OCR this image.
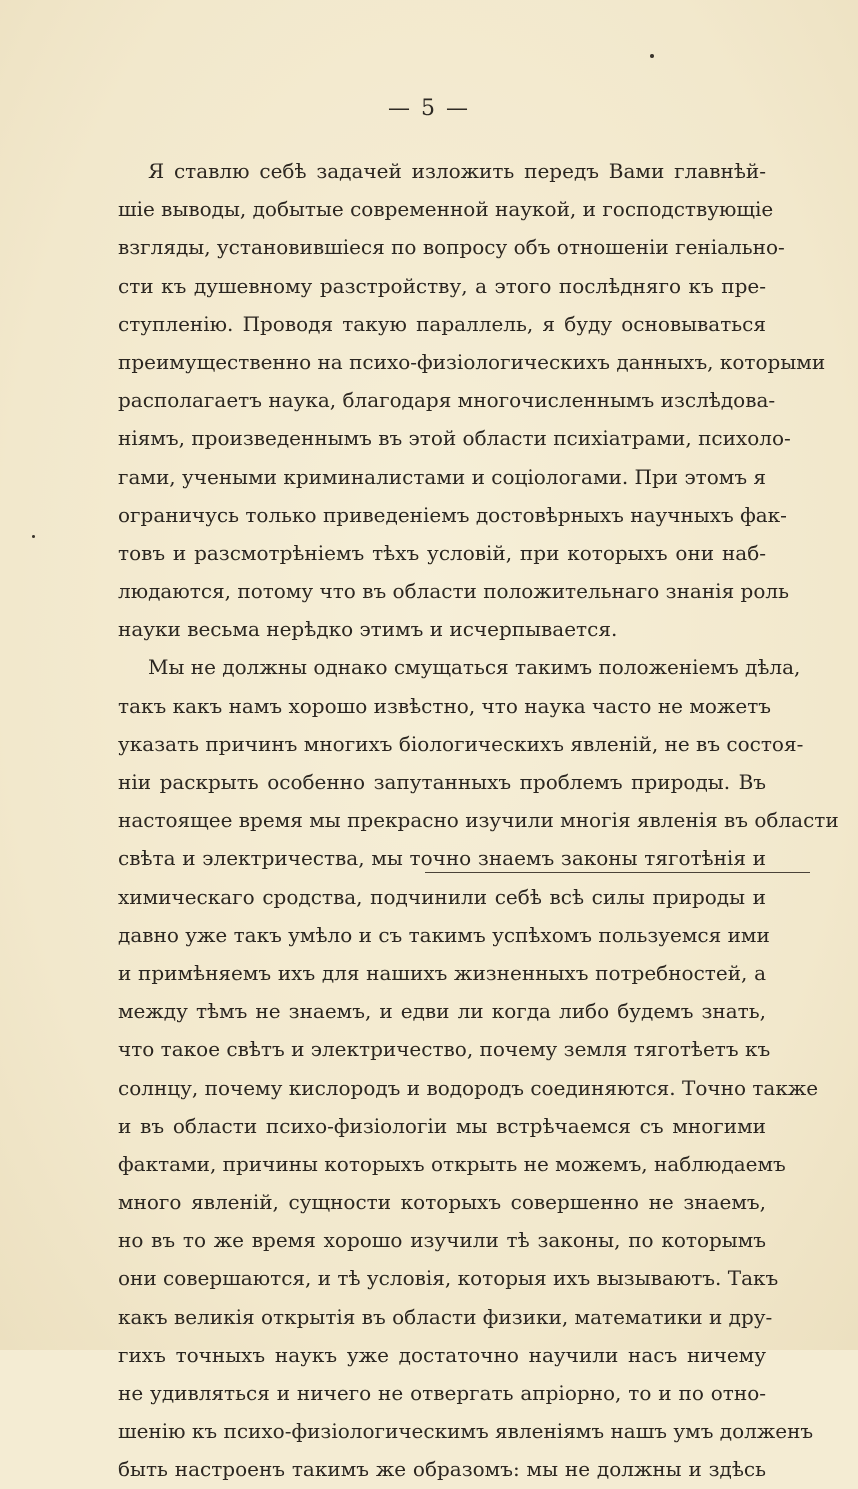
— 5 —
Я ставлю себѣ задачей изложить передъ Вами главнѣй-
шіе выводы, добытые современной наукой, и господствующіе
взгляды, установившіеся по вопросу объ отношеніи геніально-
сти къ душевному разстройству, а этого послѣдняго къ пре-
ступленію. Проводя такую параллель, я буду основываться
преимущественно на психо-физіологическихъ данныхъ, которыми
располагаетъ наука, благодаря многочисленнымъ изслѣдова-
ніямъ, произведеннымъ въ этой области психіатрами, психоло-
гами, учеными криминалистами и соціологами. При этомъ я
ограничусь только приведеніемъ достовѣрныхъ научныхъ фак-
товъ и разсмотрѣніемъ тѣхъ условій, при которыхъ они наб-
людаются, потому что въ области положительнаго знанія роль
науки весьма нерѣдко этимъ и исчерпывается.
Мы не должны однако смущаться такимъ положеніемъ дѣла,
такъ какъ намъ хорошо извѣстно, что наука часто не можетъ
указать причинъ многихъ біологическихъ явленій, не въ состоя-
ніи раскрыть особенно запутанныхъ проблемъ природы. Въ
настоящее время мы прекрасно изучили многія явленія въ области
свѣта и электричества, мы точно знаемъ законы тяготѣнія и
химическаго сродства, подчинили себѣ всѣ силы природы и
давно уже такъ умѣло и съ такимъ успѣхомъ пользуемся ими
и примѣняемъ ихъ для нашихъ жизненныхъ потребностей, а
между тѣмъ не знаемъ, и едви ли когда либо будемъ знать,
что такое свѣтъ и электричество, почему земля тяготѣетъ къ
солнцу, почему кислородъ и водородъ соединяются. Точно также
и въ области психо-физіологіи мы встрѣчаемся съ многими
фактами, причины которыхъ открыть не можемъ, наблюдаемъ
много явленій, сущности которыхъ совершенно не знаемъ,
но въ то же время хорошо изучили тѣ законы, по которымъ
они совершаются, и тѣ условія, которыя ихъ вызываютъ. Такъ
какъ великія открытія въ области физики, математики и дру-
гихъ точныхъ наукъ уже достаточно научили насъ ничему
не удивляться и ничего не отвергать апріорно, то и по отно-
шенію къ психо-физіологическимъ явленіямъ нашъ умъ долженъ
быть настроенъ такимъ же образомъ: мы не должны и здѣсь
